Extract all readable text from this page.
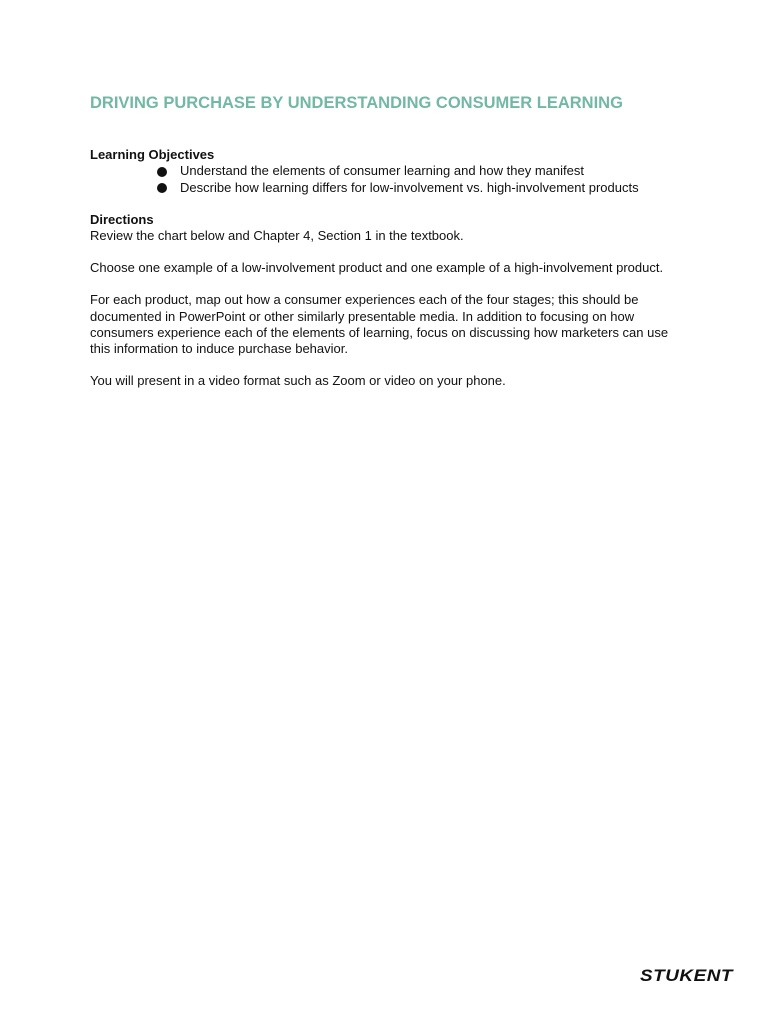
DRIVING PURCHASE BY UNDERSTANDING CONSUMER LEARNING
Learning Objectives
Understand the elements of consumer learning and how they manifest
Describe how learning differs for low-involvement vs. high-involvement products
Directions

Review the chart below and Chapter 4, Section 1 in the textbook.

Choose one example of a low-involvement product and one example of a high-involvement product.

For each product, map out how a consumer experiences each of the four stages; this should be documented in PowerPoint or other similarly presentable media. In addition to focusing on how consumers experience each of the elements of learning, focus on discussing how marketers can use this information to induce purchase behavior.

You will present in a video format such as Zoom or video on your phone.

STUKENT
